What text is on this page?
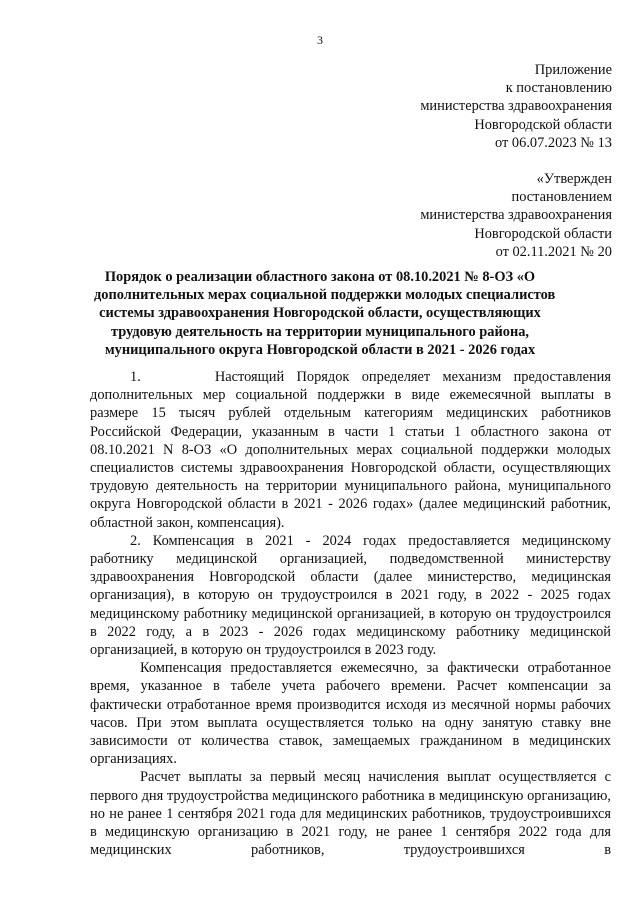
3
Приложение
к постановлению
министерства здравоохранения
Новгородской области
от 06.07.2023 № 13
«Утвержден
постановлением
министерства здравоохранения
Новгородской области
от 02.11.2021 № 20
Порядок о реализации областного закона от 08.10.2021 № 8-ОЗ «О
дополнительных мерах социальной поддержки молодых специалистов
системы здравоохранения Новгородской области, осуществляющих
трудовую деятельность на территории муниципального района,
муниципального округа Новгородской области в 2021 - 2026 годах

1.      Настоящий Порядок определяет механизм предоставления дополнительных мер социальной поддержки в виде ежемесячной выплаты в размере 15 тысяч рублей отдельным категориям медицинских работников Российской Федерации, указанным в части 1 статьи 1 областного закона от 08.10.2021 N 8-ОЗ «О дополнительных мерах социальной поддержки молодых специалистов системы здравоохранения Новгородской области, осуществляющих трудовую деятельность на территории муниципального района, муниципального округа Новгородской области в 2021 - 2026 годах» (далее медицинский работник, областной закон, компенсация).

2. Компенсация в 2021 - 2024 годах предоставляется медицинскому работнику медицинской организацией, подведомственной министерству здравоохранения Новгородской области (далее министерство, медицинская организация), в которую он трудоустроился в 2021 году, в 2022 - 2025 годах медицинскому работнику медицинской организацией, в которую он трудоустроился в 2022 году, а в 2023 - 2026 годах медицинскому работнику медицинской организацией, в которую он трудоустроился в 2023 году.

Компенсация предоставляется ежемесячно, за фактически отработанное время, указанное в табеле учета рабочего времени. Расчет компенсации за фактически отработанное время производится исходя из месячной нормы рабочих часов. При этом выплата осуществляется только на одну занятую ставку вне зависимости от количества ставок, замещаемых гражданином в медицинских организациях.

Расчет выплаты за первый месяц начисления выплат осуществляется с первого дня трудоустройства медицинского работника в медицинскую организацию, но не ранее 1 сентября 2021 года для медицинских работников, трудоустроившихся в медицинскую организацию в 2021 году, не ранее 1 сентября 2022 года для медицинских работников, трудоустроившихся в
